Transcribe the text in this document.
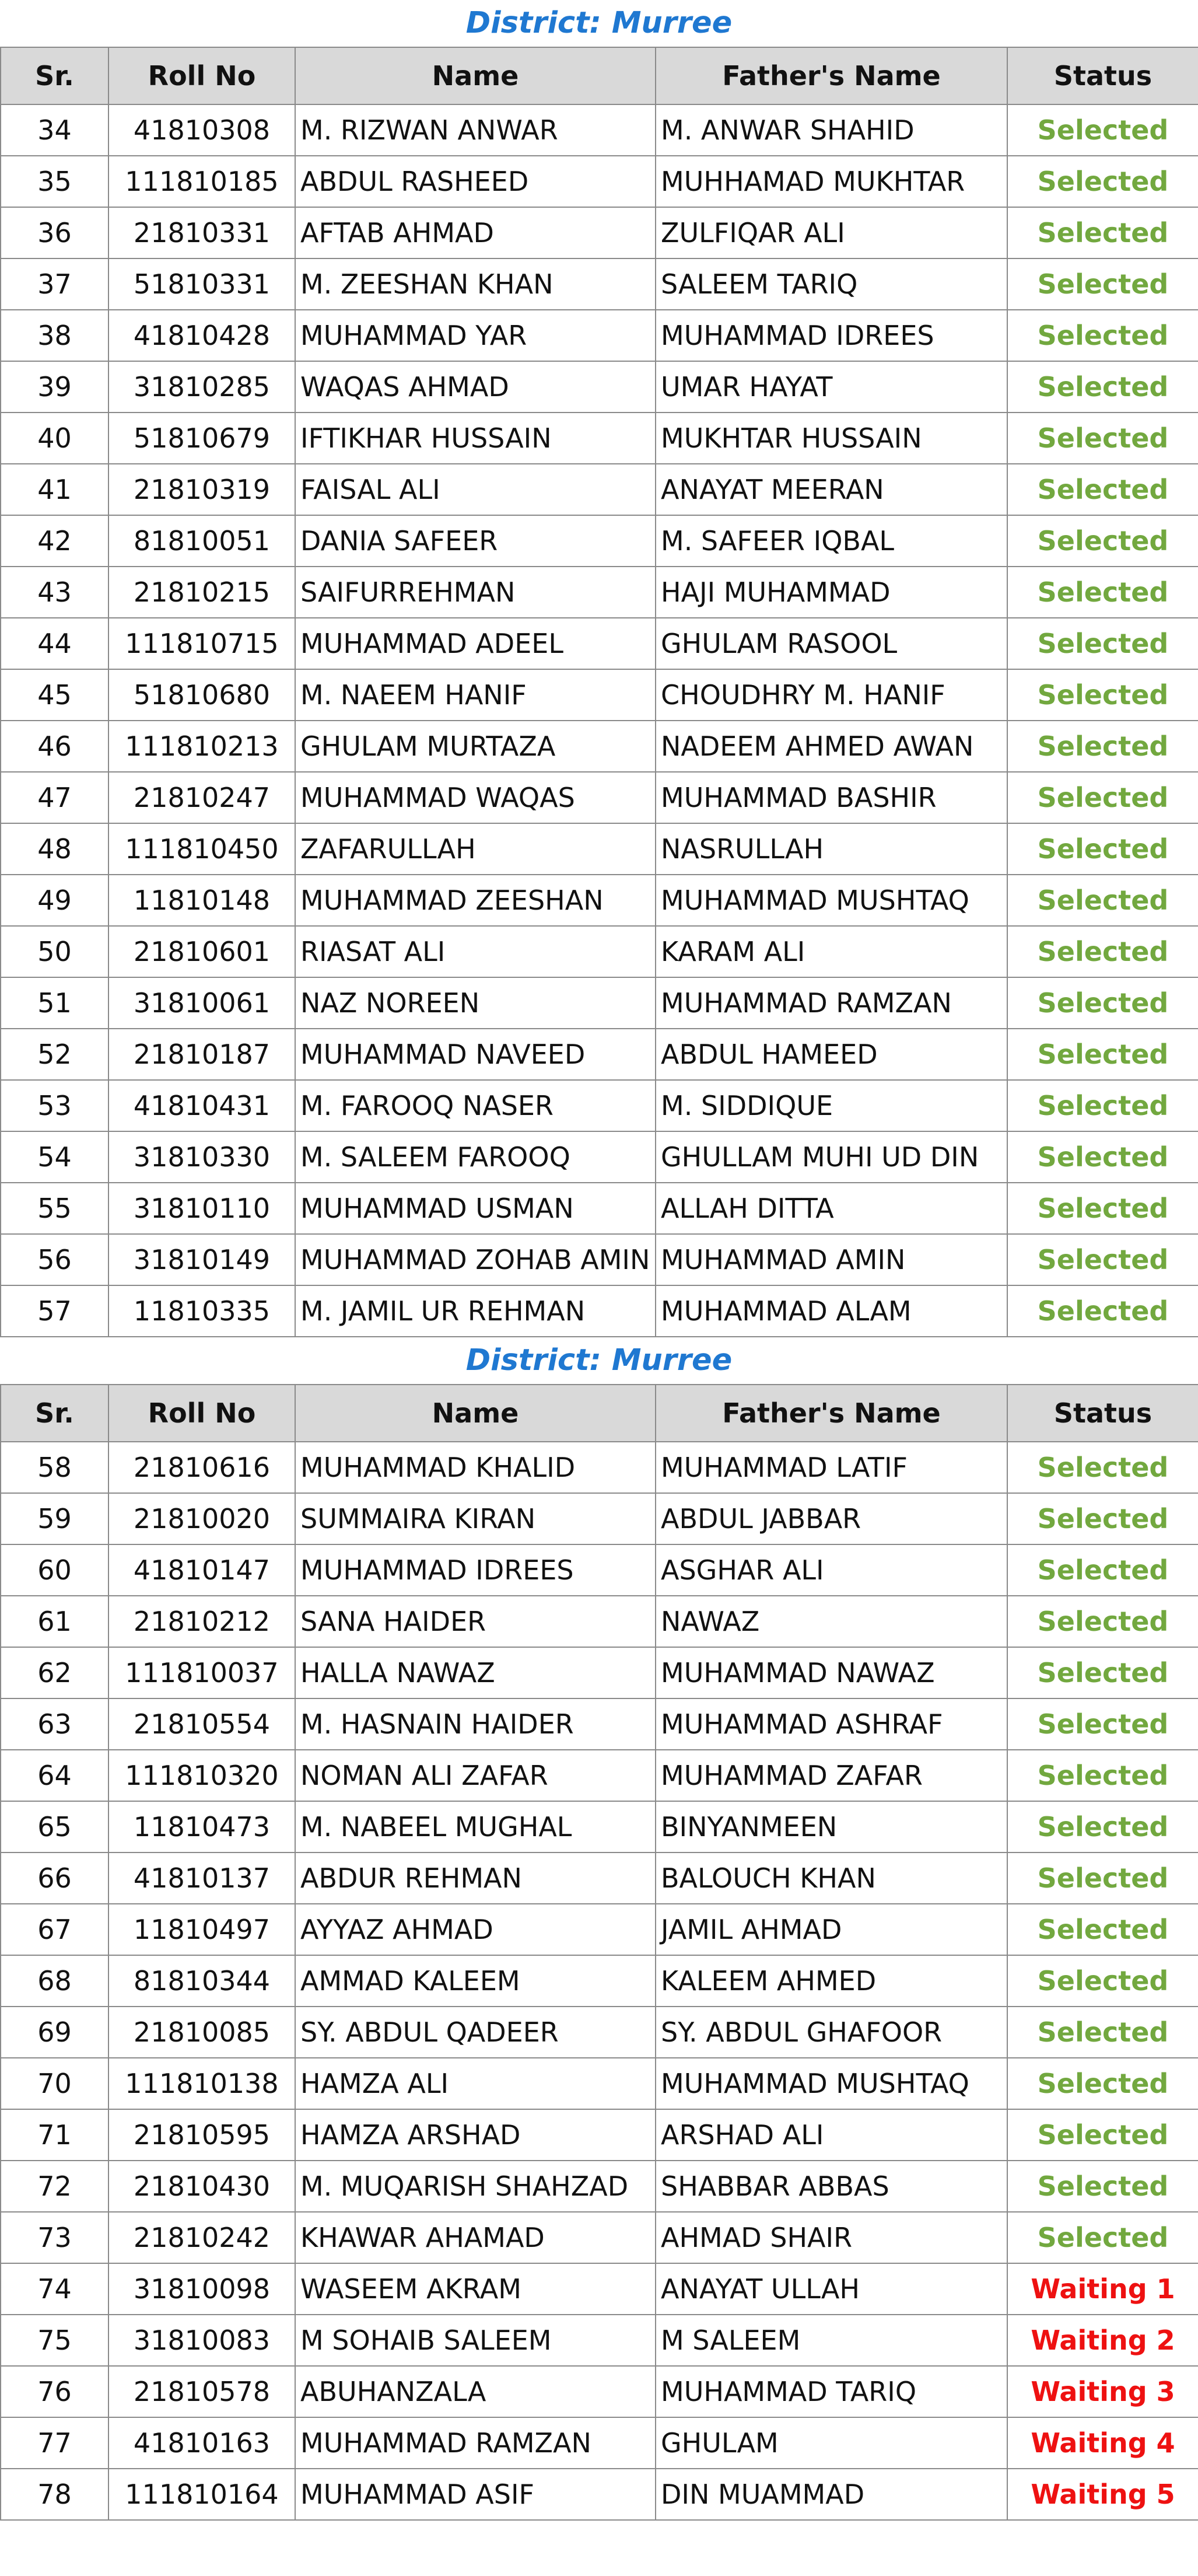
District: Murree
Sr.	Roll No	Name	Father's Name	Status
34	41810308	M. RIZWAN ANWAR	M. ANWAR SHAHID	Selected
35	111810185	ABDUL RASHEED	MUHHAMAD MUKHTAR	Selected
36	21810331	AFTAB AHMAD	ZULFIQAR ALI	Selected
37	51810331	M. ZEESHAN KHAN	SALEEM TARIQ	Selected
38	41810428	MUHAMMAD YAR	MUHAMMAD IDREES	Selected
39	31810285	WAQAS AHMAD	UMAR HAYAT	Selected
40	51810679	IFTIKHAR HUSSAIN	MUKHTAR HUSSAIN	Selected
41	21810319	FAISAL ALI	ANAYAT MEERAN	Selected
42	81810051	DANIA SAFEER	M. SAFEER IQBAL	Selected
43	21810215	SAIFURREHMAN	HAJI MUHAMMAD	Selected
44	111810715	MUHAMMAD ADEEL	GHULAM RASOOL	Selected
45	51810680	M. NAEEM HANIF	CHOUDHRY M. HANIF	Selected
46	111810213	GHULAM MURTAZA	NADEEM AHMED AWAN	Selected
47	21810247	MUHAMMAD WAQAS	MUHAMMAD BASHIR	Selected
48	111810450	ZAFARULLAH	NASRULLAH	Selected
49	11810148	MUHAMMAD ZEESHAN	MUHAMMAD MUSHTAQ	Selected
50	21810601	RIASAT ALI	KARAM ALI	Selected
51	31810061	NAZ NOREEN	MUHAMMAD RAMZAN	Selected
52	21810187	MUHAMMAD NAVEED	ABDUL HAMEED	Selected
53	41810431	M. FAROOQ NASER	M. SIDDIQUE	Selected
54	31810330	M. SALEEM FAROOQ	GHULLAM MUHI UD DIN	Selected
55	31810110	MUHAMMAD USMAN	ALLAH DITTA	Selected
56	31810149	MUHAMMAD ZOHAB AMIN	MUHAMMAD AMIN	Selected
57	11810335	M. JAMIL UR REHMAN	MUHAMMAD ALAM	Selected
District: Murree
Sr.	Roll No	Name	Father's Name	Status
58	21810616	MUHAMMAD KHALID	MUHAMMAD LATIF	Selected
59	21810020	SUMMAIRA KIRAN	ABDUL JABBAR	Selected
60	41810147	MUHAMMAD IDREES	ASGHAR ALI	Selected
61	21810212	SANA HAIDER	NAWAZ	Selected
62	111810037	HALLA NAWAZ	MUHAMMAD NAWAZ	Selected
63	21810554	M. HASNAIN HAIDER	MUHAMMAD ASHRAF	Selected
64	111810320	NOMAN ALI ZAFAR	MUHAMMAD ZAFAR	Selected
65	11810473	M. NABEEL MUGHAL	BINYANMEEN	Selected
66	41810137	ABDUR REHMAN	BALOUCH KHAN	Selected
67	11810497	AYYAZ AHMAD	JAMIL AHMAD	Selected
68	81810344	AMMAD KALEEM	KALEEM AHMED	Selected
69	21810085	SY. ABDUL QADEER	SY. ABDUL GHAFOOR	Selected
70	111810138	HAMZA ALI	MUHAMMAD MUSHTAQ	Selected
71	21810595	HAMZA ARSHAD	ARSHAD ALI	Selected
72	21810430	M. MUQARISH SHAHZAD	SHABBAR ABBAS	Selected
73	21810242	KHAWAR AHAMAD	AHMAD SHAIR	Selected
74	31810098	WASEEM AKRAM	ANAYAT ULLAH	Waiting 1
75	31810083	M SOHAIB SALEEM	M SALEEM	Waiting 2
76	21810578	ABUHANZALA	MUHAMMAD TARIQ	Waiting 3
77	41810163	MUHAMMAD RAMZAN	GHULAM	Waiting 4
78	111810164	MUHAMMAD ASIF	DIN MUAMMAD	Waiting 5
